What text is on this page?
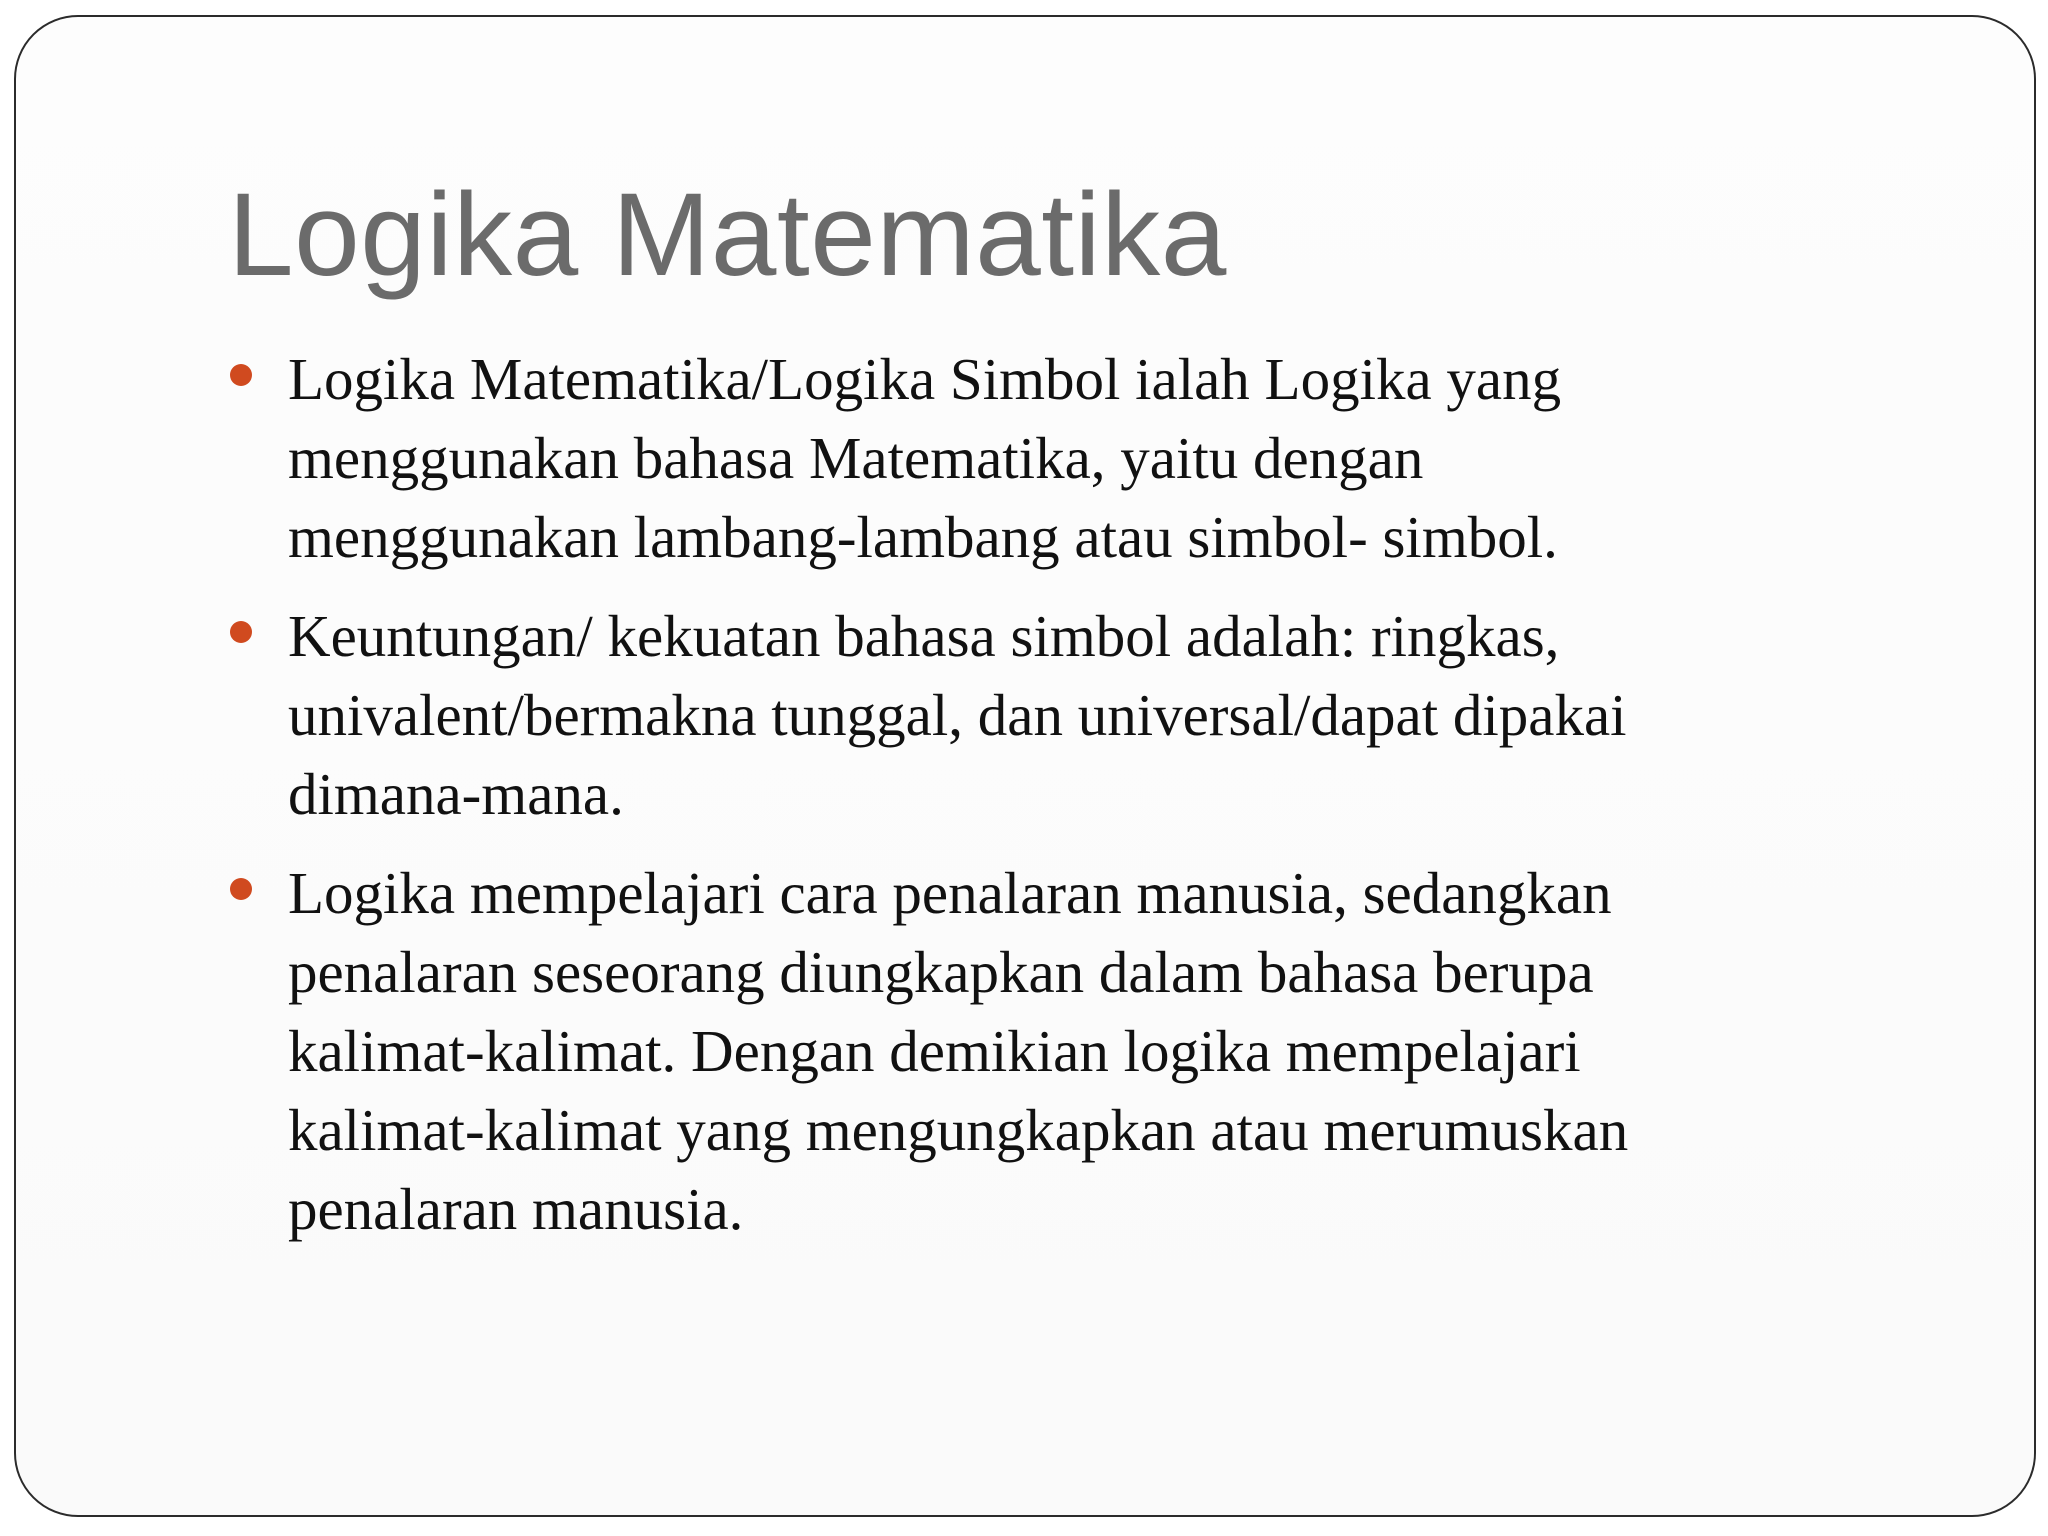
Logika Matematika
Logika Matematika/Logika Simbol ialah Logika yang
menggunakan bahasa Matematika, yaitu dengan
menggunakan lambang-lambang atau simbol- simbol.
Keuntungan/ kekuatan bahasa simbol adalah: ringkas,
univalent/bermakna tunggal, dan universal/dapat dipakai
dimana-mana.
Logika mempelajari cara penalaran manusia, sedangkan
penalaran seseorang diungkapkan dalam bahasa berupa
kalimat-kalimat. Dengan demikian logika mempelajari
kalimat-kalimat yang mengungkapkan atau merumuskan
penalaran manusia.
